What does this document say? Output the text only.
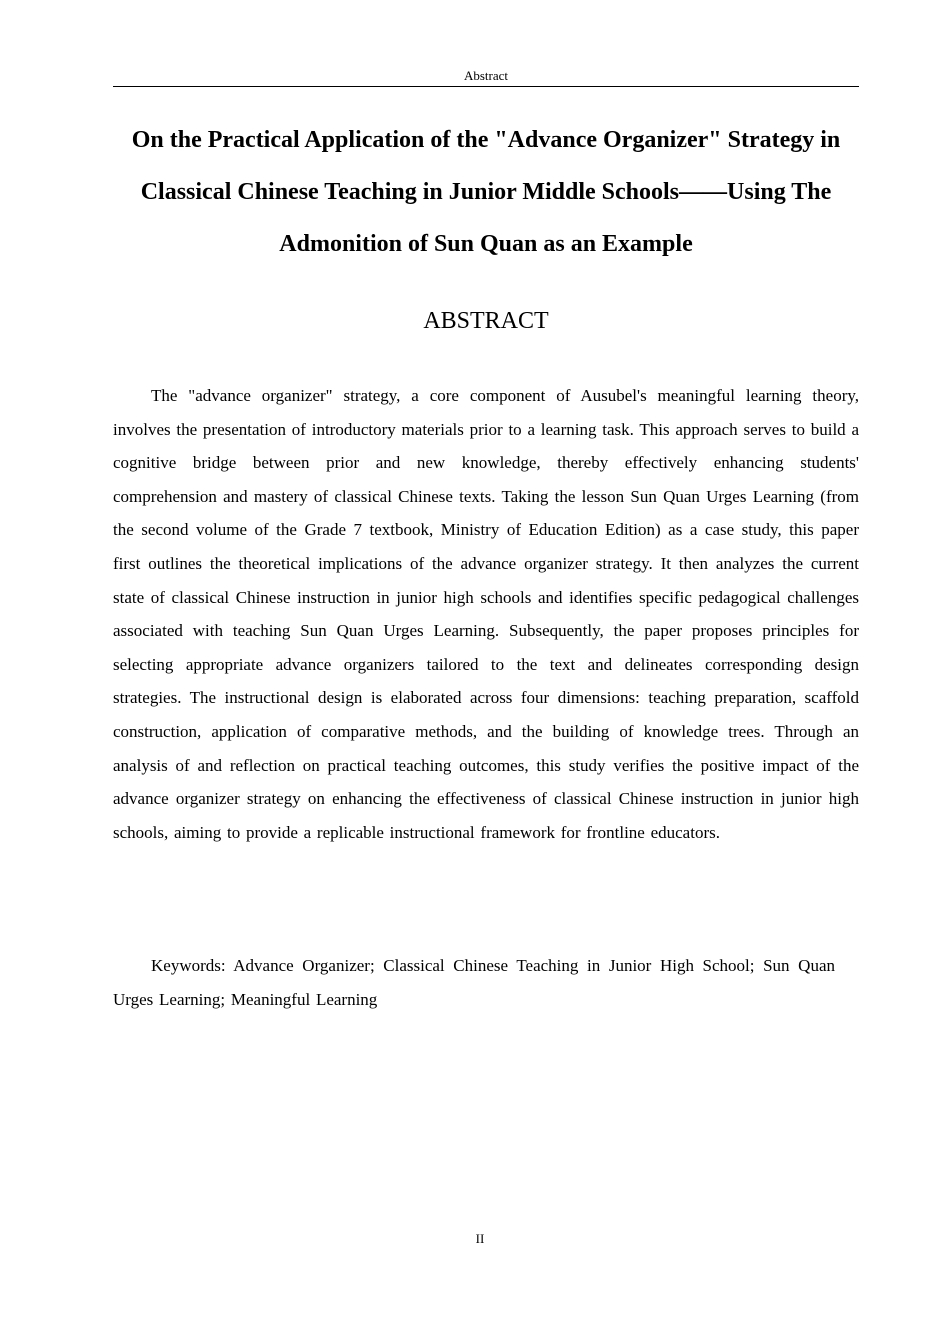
Abstract
On the Practical Application of the "Advance Organizer" Strategy in Classical Chinese Teaching in Junior Middle Schools——Using The Admonition of Sun Quan as an Example
ABSTRACT

The "advance organizer" strategy, a core component of Ausubel's meaningful learning theory, involves the presentation of introductory materials prior to a learning task. This approach serves to build a cognitive bridge between prior and new knowledge, thereby effectively enhancing students' comprehension and mastery of classical Chinese texts. Taking the lesson Sun Quan Urges Learning (from the second volume of the Grade 7 textbook, Ministry of Education Edition) as a case study, this paper first outlines the theoretical implications of the advance organizer strategy. It then analyzes the current state of classical Chinese instruction in junior high schools and identifies specific pedagogical challenges associated with teaching Sun Quan Urges Learning. Subsequently, the paper proposes principles for selecting appropriate advance organizers tailored to the text and delineates corresponding design strategies. The instructional design is elaborated across four dimensions: teaching preparation, scaffold construction, application of comparative methods, and the building of knowledge trees. Through an analysis of and reflection on practical teaching outcomes, this study verifies the positive impact of the advance organizer strategy on enhancing the effectiveness of classical Chinese instruction in junior high schools, aiming to provide a replicable instructional framework for frontline educators.

Keywords: Advance Organizer; Classical Chinese Teaching in Junior High School; Sun Quan Urges Learning; Meaningful Learning

II
